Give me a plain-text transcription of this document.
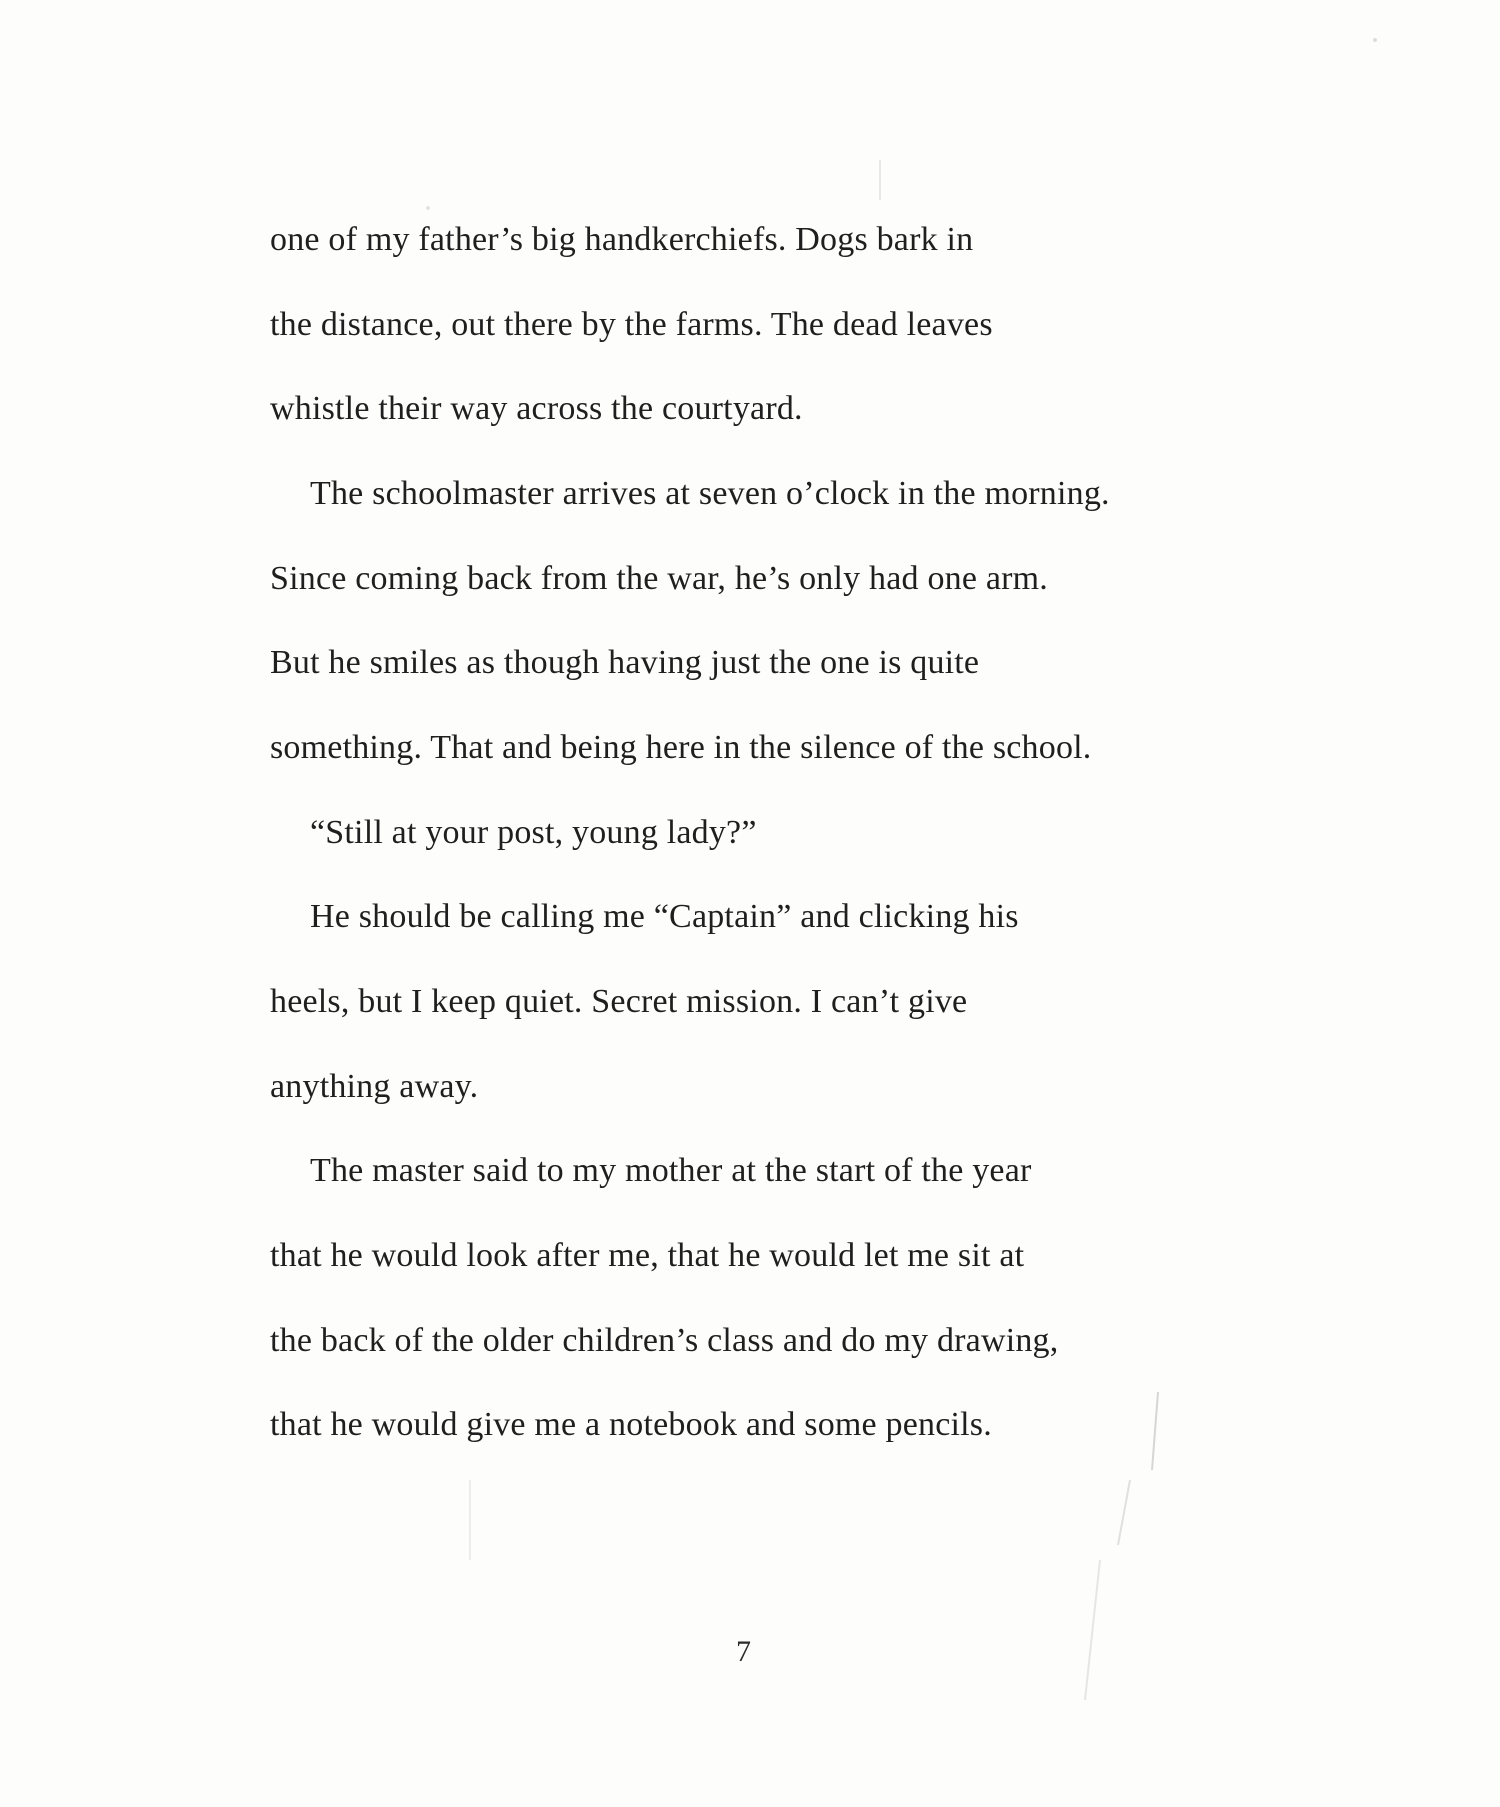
one of my father’s big handkerchiefs. Dogs bark in
the distance, out there by the farms. The dead leaves
whistle their way across the courtyard.
The schoolmaster arrives at seven o’clock in the morning.
Since coming back from the war, he’s only had one arm.
But he smiles as though having just the one is quite
something. That and being here in the silence of the school.
“Still at your post, young lady?”
He should be calling me “Captain” and clicking his
heels, but I keep quiet. Secret mission. I can’t give
anything away.
The master said to my mother at the start of the year
that he would look after me, that he would let me sit at
the back of the older children’s class and do my drawing,
that he would give me a notebook and some pencils.
7
